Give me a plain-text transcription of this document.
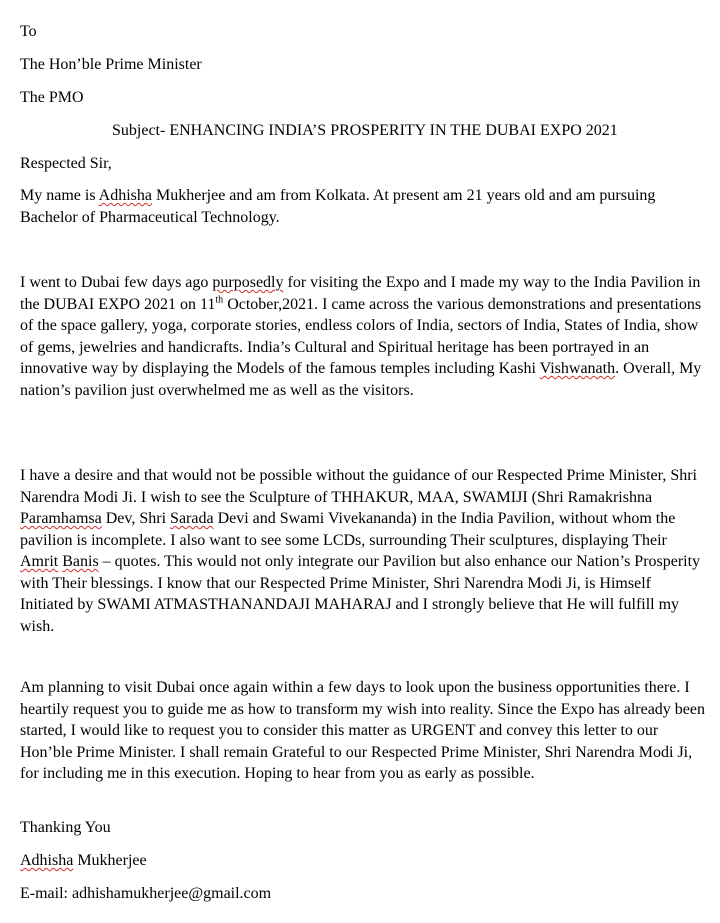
To

The Hon’ble Prime Minister

The PMO

Subject- ENHANCING INDIA’S PROSPERITY IN THE DUBAI EXPO 2021

Respected Sir,

My name is Adhisha Mukherjee and am from Kolkata. At present am 21 years old and am pursuing Bachelor of Pharmaceutical Technology.

I went to Dubai few days ago purposedly for visiting the Expo and I made my way to the India Pavilion in the DUBAI EXPO 2021 on 11th October,2021. I came across the various demonstrations and presentations of the space gallery, yoga, corporate stories, endless colors of India, sectors of India, States of India, show of gems, jewelries and handicrafts. India’s Cultural and Spiritual heritage has been portrayed in an innovative way by displaying the Models of the famous temples including Kashi Vishwanath. Overall, My nation’s pavilion just overwhelmed me as well as the visitors.

I have a desire and that would not be possible without the guidance of our Respected Prime Minister, Shri Narendra Modi Ji. I wish to see the Sculpture of THHAKUR, MAA, SWAMIJI (Shri Ramakrishna Paramhamsa Dev, Shri Sarada Devi and Swami Vivekananda) in the India Pavilion, without whom the pavilion is incomplete. I also want to see some LCDs, surrounding Their sculptures, displaying Their Amrit Banis – quotes. This would not only integrate our Pavilion but also enhance our Nation’s Prosperity with Their blessings. I know that our Respected Prime Minister, Shri Narendra Modi Ji, is Himself Initiated by SWAMI ATMASTHANANDAJI MAHARAJ and I strongly believe that He will fulfill my wish.

Am planning to visit Dubai once again within a few days to look upon the business opportunities there. I heartily request you to guide me as how to transform my wish into reality. Since the Expo has already been started, I would like to request you to consider this matter as URGENT and convey this letter to our Hon’ble Prime Minister. I shall remain Grateful to our Respected Prime Minister, Shri Narendra Modi Ji, for including me in this execution. Hoping to hear from you as early as possible.

Thanking You

Adhisha Mukherjee

E-mail: adhishamukherjee@gmail.com
